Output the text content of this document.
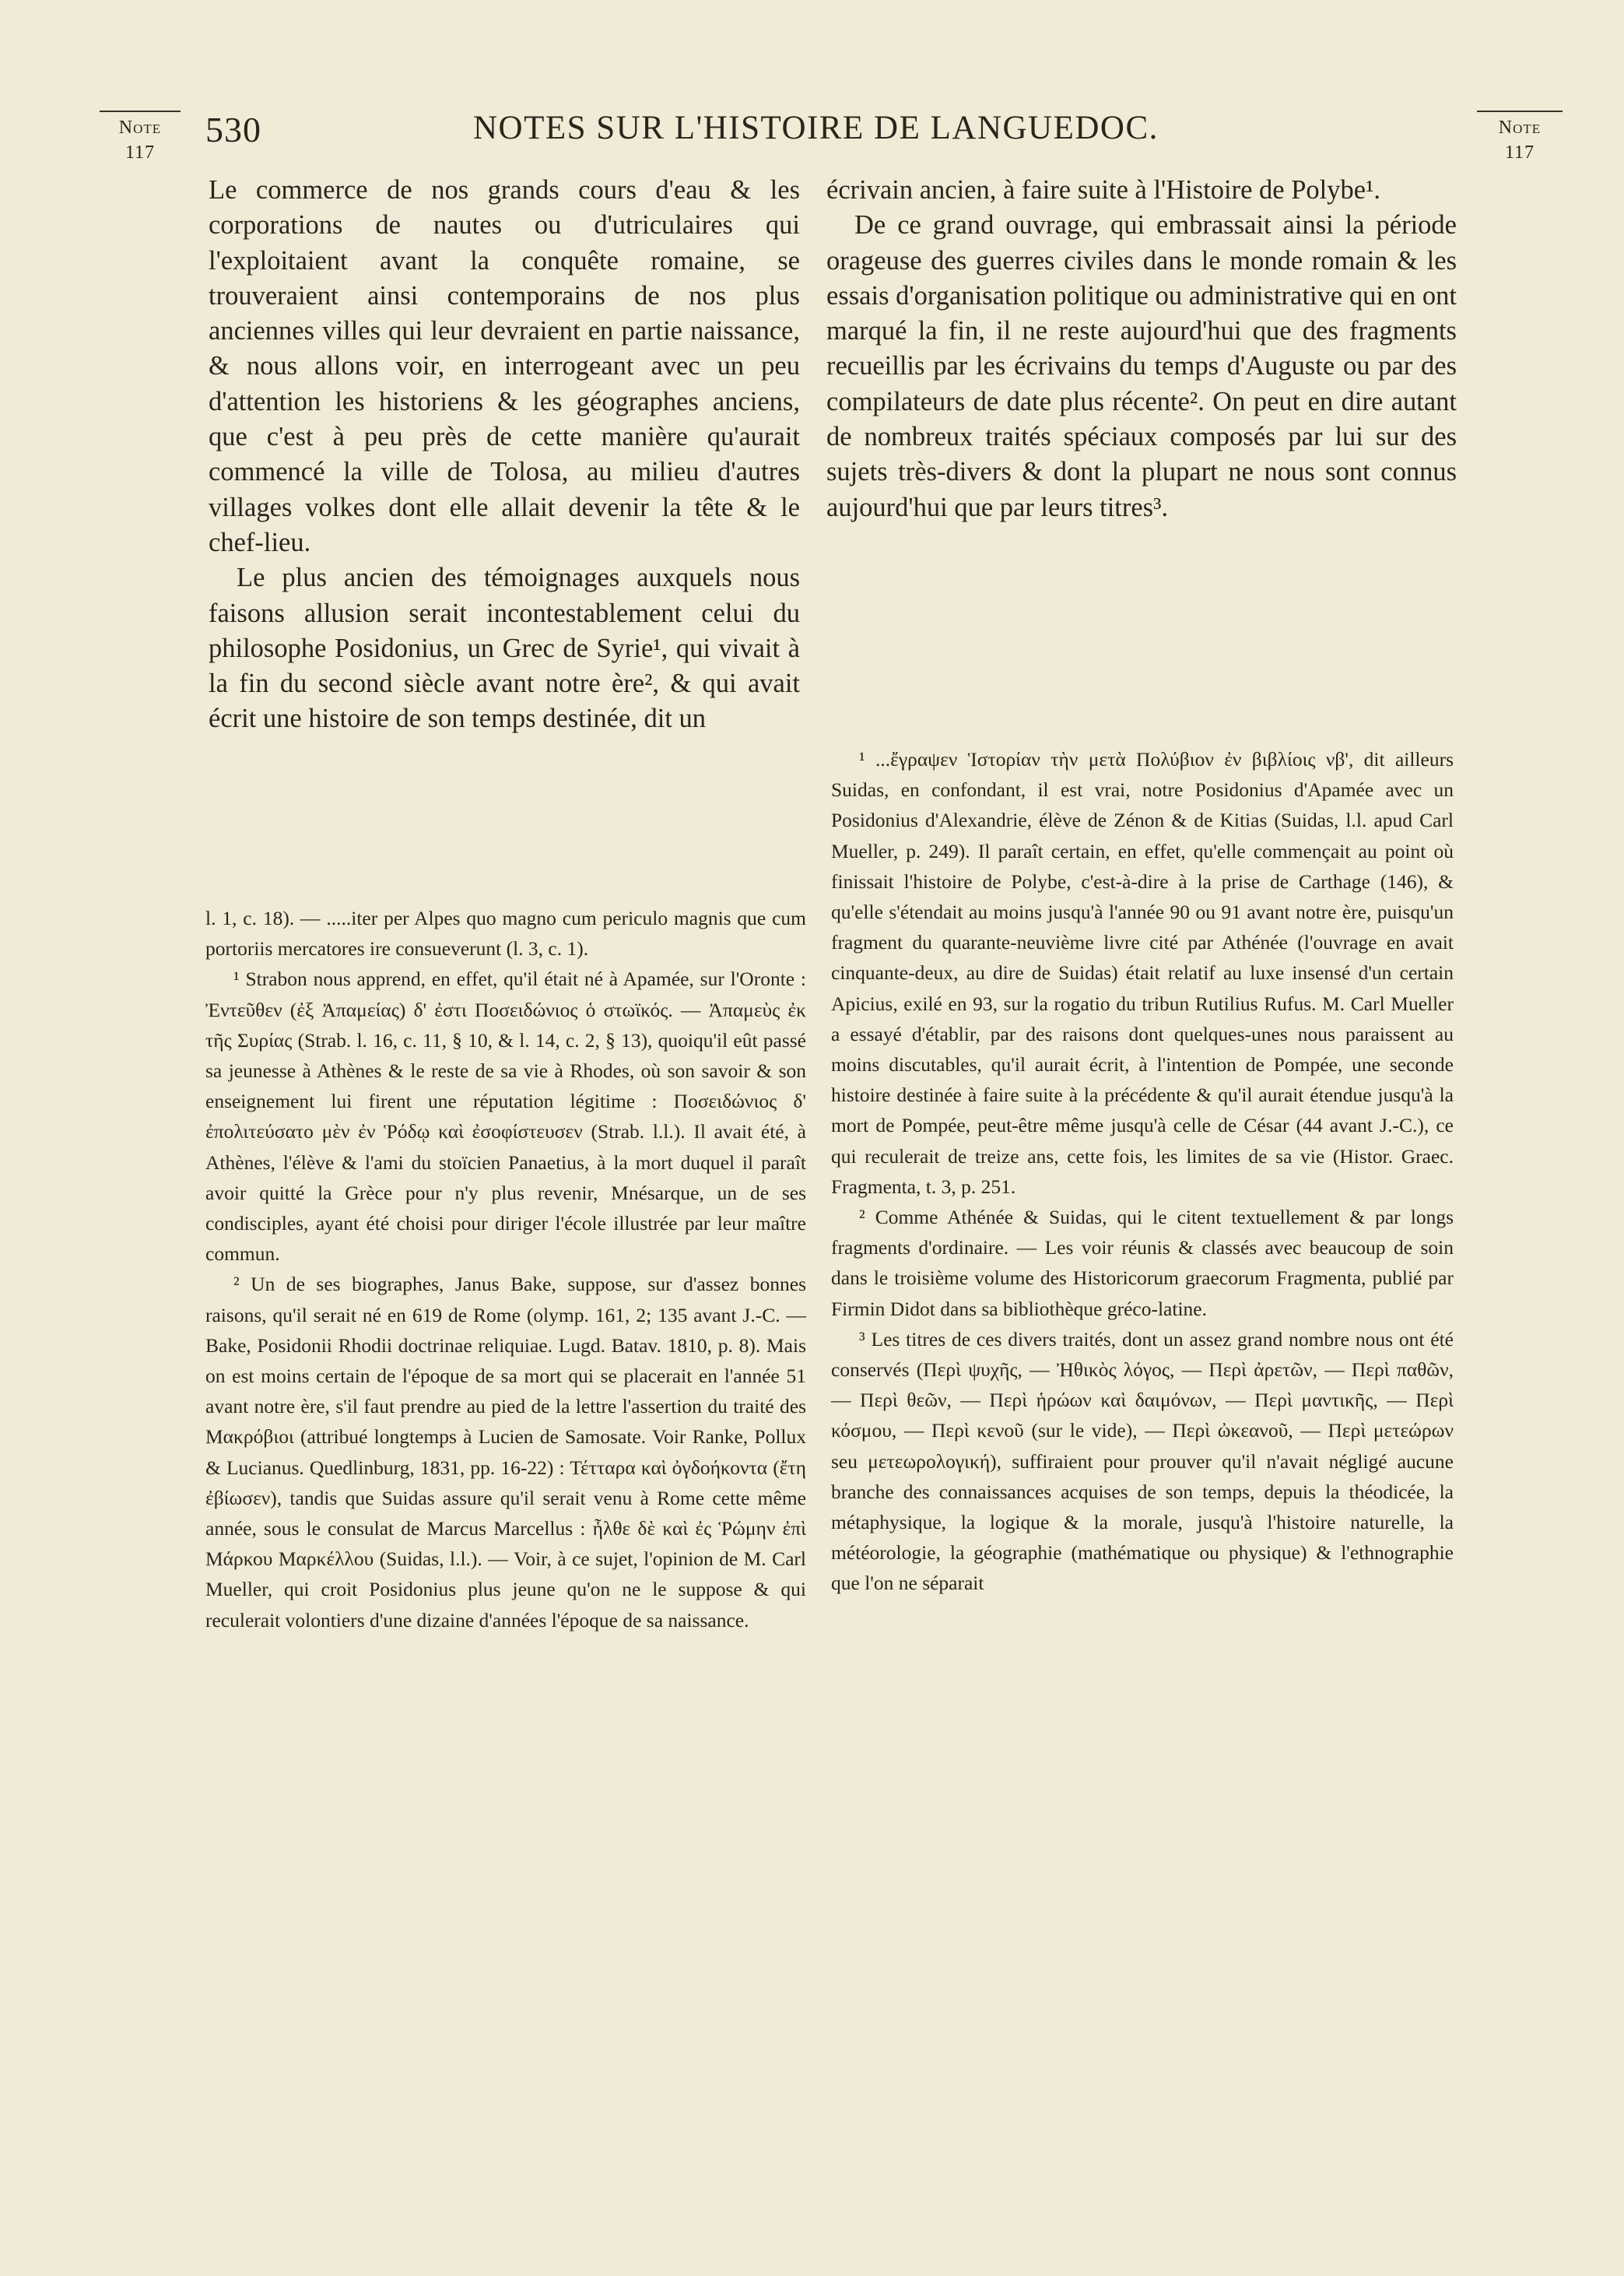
Note
117
Note
117
530	NOTES SUR L'HISTOIRE DE LANGUEDOC.

Le commerce de nos grands cours d'eau & les corporations de nautes ou d'utriculaires qui l'exploitaient avant la conquête romaine, se trouveraient ainsi contemporains de nos plus anciennes villes qui leur devraient en partie naissance, & nous allons voir, en interrogeant avec un peu d'attention les historiens & les géographes anciens, que c'est à peu près de cette manière qu'aurait commencé la ville de Tolosa, au milieu d'autres villages volkes dont elle allait devenir la tête & le chef-lieu.

Le plus ancien des témoignages auxquels nous faisons allusion serait incontestablement celui du philosophe Posidonius, un Grec de Syrie¹, qui vivait à la fin du second siècle avant notre ère², & qui avait écrit une histoire de son temps destinée, dit un

écrivain ancien, à faire suite à l'Histoire de Polybe¹.

De ce grand ouvrage, qui embrassait ainsi la période orageuse des guerres civiles dans le monde romain & les essais d'organisation politique ou administrative qui en ont marqué la fin, il ne reste aujourd'hui que des fragments recueillis par les écrivains du temps d'Auguste ou par des compilateurs de date plus récente². On peut en dire autant de nombreux traités spéciaux composés par lui sur des sujets très-divers & dont la plupart ne nous sont connus aujourd'hui que par leurs titres³.

l. 1, c. 18). — .....iter per Alpes quo magno cum periculo magnis que cum portoriis mercatores ire consueverunt (l. 3, c. 1).

¹ Strabon nous apprend, en effet, qu'il était né à Apamée, sur l'Oronte : Ἐντεῦθεν (ἐξ Ἀπαμείας) δ' ἐστι Ποσειδώνιος ὁ στωϊκός. — Ἀπαμεὺς ἐκ τῆς Συρίας (Strab. l. 16, c. 11, § 10, & l. 14, c. 2, § 13), quoiqu'il eût passé sa jeunesse à Athènes & le reste de sa vie à Rhodes, où son savoir & son enseignement lui firent une réputation légitime : Ποσειδώνιος δ' ἐπολιτεύσατο μὲν ἐν Ῥόδῳ καὶ ἐσοφίστευσεν (Strab. l.l.). Il avait été, à Athènes, l'élève & l'ami du stoïcien Panaetius, à la mort duquel il paraît avoir quitté la Grèce pour n'y plus revenir, Mnésarque, un de ses condisciples, ayant été choisi pour diriger l'école illustrée par leur maître commun.

² Un de ses biographes, Janus Bake, suppose, sur d'assez bonnes raisons, qu'il serait né en 619 de Rome (olymp. 161, 2; 135 avant J.-C. — Bake, Posidonii Rhodii doctrinae reliquiae. Lugd. Batav. 1810, p. 8). Mais on est moins certain de l'époque de sa mort qui se placerait en l'année 51 avant notre ère, s'il faut prendre au pied de la lettre l'assertion du traité des Μακρόβιοι (attribué longtemps à Lucien de Samosate. Voir Ranke, Pollux & Lucianus. Quedlinburg, 1831, pp. 16-22) : Τέτταρα καὶ ὀγδοήκοντα (ἔτη ἐβίωσεν), tandis que Suidas assure qu'il serait venu à Rome cette même année, sous le consulat de Marcus Marcellus : ἦλθε δὲ καὶ ἐς Ῥώμην ἐπὶ Μάρκου Μαρκέλλου (Suidas, l.l.). — Voir, à ce sujet, l'opinion de M. Carl Mueller, qui croit Posidonius plus jeune qu'on ne le suppose & qui reculerait volontiers d'une dizaine d'années l'époque de sa naissance.

¹ ...ἔγραψεν Ἱστορίαν τὴν μετὰ Πολύβιον ἐν βιβλίοις νβ', dit ailleurs Suidas, en confondant, il est vrai, notre Posidonius d'Apamée avec un Posidonius d'Alexandrie, élève de Zénon & de Kitias (Suidas, l.l. apud Carl Mueller, p. 249). Il paraît certain, en effet, qu'elle commençait au point où finissait l'histoire de Polybe, c'est-à-dire à la prise de Carthage (146), & qu'elle s'étendait au moins jusqu'à l'année 90 ou 91 avant notre ère, puisqu'un fragment du quarante-neuvième livre cité par Athénée (l'ouvrage en avait cinquante-deux, au dire de Suidas) était relatif au luxe insensé d'un certain Apicius, exilé en 93, sur la rogatio du tribun Rutilius Rufus. M. Carl Mueller a essayé d'établir, par des raisons dont quelques-unes nous paraissent au moins discutables, qu'il aurait écrit, à l'intention de Pompée, une seconde histoire destinée à faire suite à la précédente & qu'il aurait étendue jusqu'à la mort de Pompée, peut-être même jusqu'à celle de César (44 avant J.-C.), ce qui reculerait de treize ans, cette fois, les limites de sa vie (Histor. Graec. Fragmenta, t. 3, p. 251.

² Comme Athénée & Suidas, qui le citent textuellement & par longs fragments d'ordinaire. — Les voir réunis & classés avec beaucoup de soin dans le troisième volume des Historicorum graecorum Fragmenta, publié par Firmin Didot dans sa bibliothèque gréco-latine.

³ Les titres de ces divers traités, dont un assez grand nombre nous ont été conservés (Περὶ ψυχῆς, — Ἠθικὸς λόγος, — Περὶ ἀρετῶν, — Περὶ παθῶν, — Περὶ θεῶν, — Περὶ ἡρώων καὶ δαιμόνων, — Περὶ μαντικῆς, — Περὶ κόσμου, — Περὶ κενοῦ (sur le vide), — Περὶ ὠκεανοῦ, — Περὶ μετεώρων seu μετεωρολογική), suffiraient pour prouver qu'il n'avait négligé aucune branche des connaissances acquises de son temps, depuis la théodicée, la métaphysique, la logique & la morale, jusqu'à l'histoire naturelle, la météorologie, la géographie (mathématique ou physique) & l'ethnographie que l'on ne séparait
